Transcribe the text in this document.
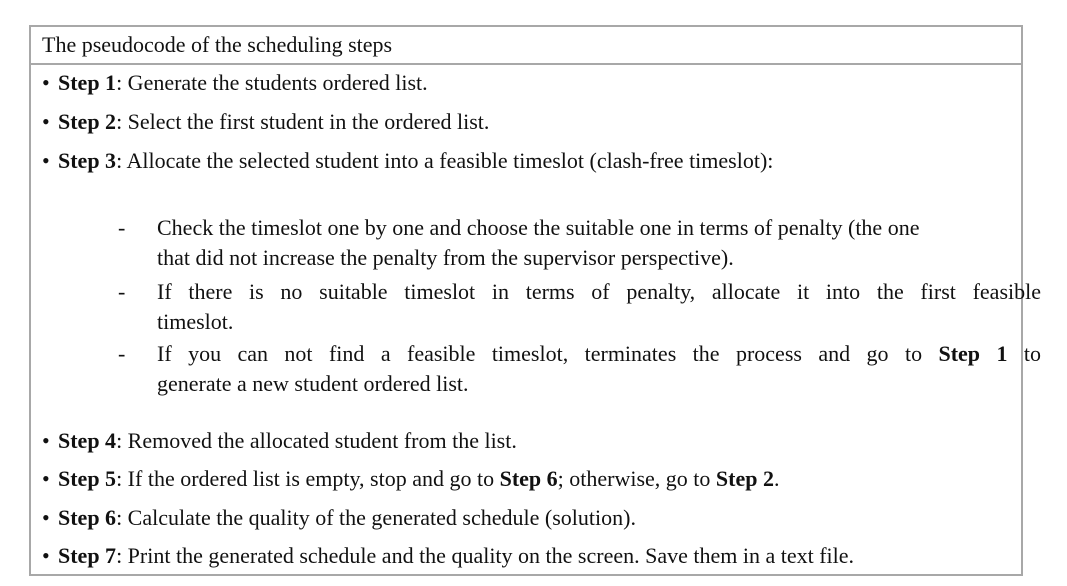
The pseudocode of the scheduling steps
• Step 1: Generate the students ordered list.
• Step 2: Select the first student in the ordered list.
• Step 3: Allocate the selected student into a feasible timeslot (clash-free timeslot):
-	Check the timeslot one by one and choose the suitable one in terms of penalty (the one
that did not increase the penalty from the supervisor perspective).
-	If there is no suitable timeslot in terms of penalty, allocate it into the first feasible
timeslot.
-	If you can not find a feasible timeslot, terminates the process and go to Step 1 to
generate a new student ordered list.
• Step 4: Removed the allocated student from the list.
• Step 5: If the ordered list is empty, stop and go to Step 6; otherwise, go to Step 2.
• Step 6: Calculate the quality of the generated schedule (solution).
• Step 7: Print the generated schedule and the quality on the screen. Save them in a text file.
